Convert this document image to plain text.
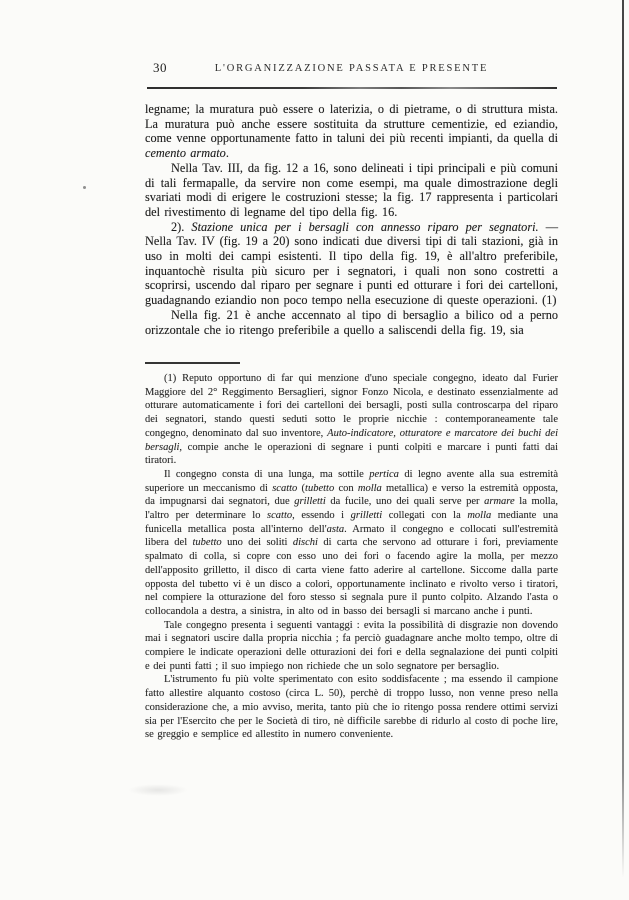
30	L'ORGANIZZAZIONE PASSATA E PRESENTE

legname; la muratura può essere o laterizia, o di pietrame, o di struttura mista. La muratura può anche essere sostituita da strutture cementizie, ed eziandio, come venne opportunamente fatto in taluni dei più recenti impianti, da quella di cemento armato.

Nella Tav. III, da fig. 12 a 16, sono delineati i tipi principali e più comuni di tali fermapalle, da servire non come esempi, ma quale dimostrazione degli svariati modi di erigere le costruzioni stesse; la fig. 17 rappresenta i particolari del rivestimento di legname del tipo della fig. 16.

2). Stazione unica per i bersagli con annesso riparo per segnatori. — Nella Tav. IV (fig. 19 a 20) sono indicati due diversi tipi di tali stazioni, già in uso in molti dei campi esistenti. Il tipo della fig. 19, è all'altro preferibile, inquantochè risulta più sicuro per i segnatori, i quali non sono costretti a scoprirsi, uscendo dal riparo per segnare i punti ed otturare i fori dei cartelloni, guadagnando eziandio non poco tempo nella esecuzione di queste operazioni. (1)

Nella fig. 21 è anche accennato al tipo di bersaglio a bilico od a perno orizzontale che io ritengo preferibile a quello a saliscendi della fig. 19, sia

(1) Reputo opportuno di far qui menzione d'uno speciale congegno, ideato dal Furier Maggiore del 2° Reggimento Bersaglieri, signor Fonzo Nicola, e destinato essenzialmente ad otturare automaticamente i fori dei cartelloni dei bersagli, posti sulla controscarpa del riparo dei segnatori, stando questi seduti sotto le proprie nicchie : contemporaneamente tale congegno, denominato dal suo inventore, Auto-indicatore, otturatore e marcatore dei buchi dei bersagli, compie anche le operazioni di segnare i punti colpiti e marcare i punti fatti dai tiratori.

Il congegno consta di una lunga, ma sottile pertica di legno avente alla sua estremità superiore un meccanismo di scatto (tubetto con molla metallica) e verso la estremità opposta, da impugnarsi dai segnatori, due grilletti da fucile, uno dei quali serve per armare la molla, l'altro per determinare lo scatto, essendo i grilletti collegati con la molla mediante una funicella metallica posta all'interno dell'asta. Armato il congegno e collocati sull'estremità libera del tubetto uno dei soliti dischi di carta che servono ad otturare i fori, previamente spalmato di colla, si copre con esso uno dei fori o facendo agire la molla, per mezzo dell'apposito grilletto, il disco di carta viene fatto aderire al cartellone. Siccome dalla parte opposta del tubetto vi è un disco a colori, opportunamente inclinato e rivolto verso i tiratori, nel compiere la otturazione del foro stesso si segnala pure il punto colpito. Alzando l'asta o collocandola a destra, a sinistra, in alto od in basso dei bersagli si marcano anche i punti.

Tale congegno presenta i seguenti vantaggi : evita la possibilità di disgrazie non dovendo mai i segnatori uscire dalla propria nicchia ; fa perciò guadagnare anche molto tempo, oltre di compiere le indicate operazioni delle otturazioni dei fori e della segnalazione dei punti colpiti e dei punti fatti ; il suo impiego non richiede che un solo segnatore per bersaglio.

L'istrumento fu più volte sperimentato con esito soddisfacente ; ma essendo il campione fatto allestire alquanto costoso (circa L. 50), perchè di troppo lusso, non venne preso nella considerazione che, a mio avviso, merita, tanto più che io ritengo possa rendere ottimi servizi sia per l'Esercito che per le Società di tiro, nè difficile sarebbe di ridurlo al costo di poche lire, se greggio e semplice ed allestito in numero conveniente.
